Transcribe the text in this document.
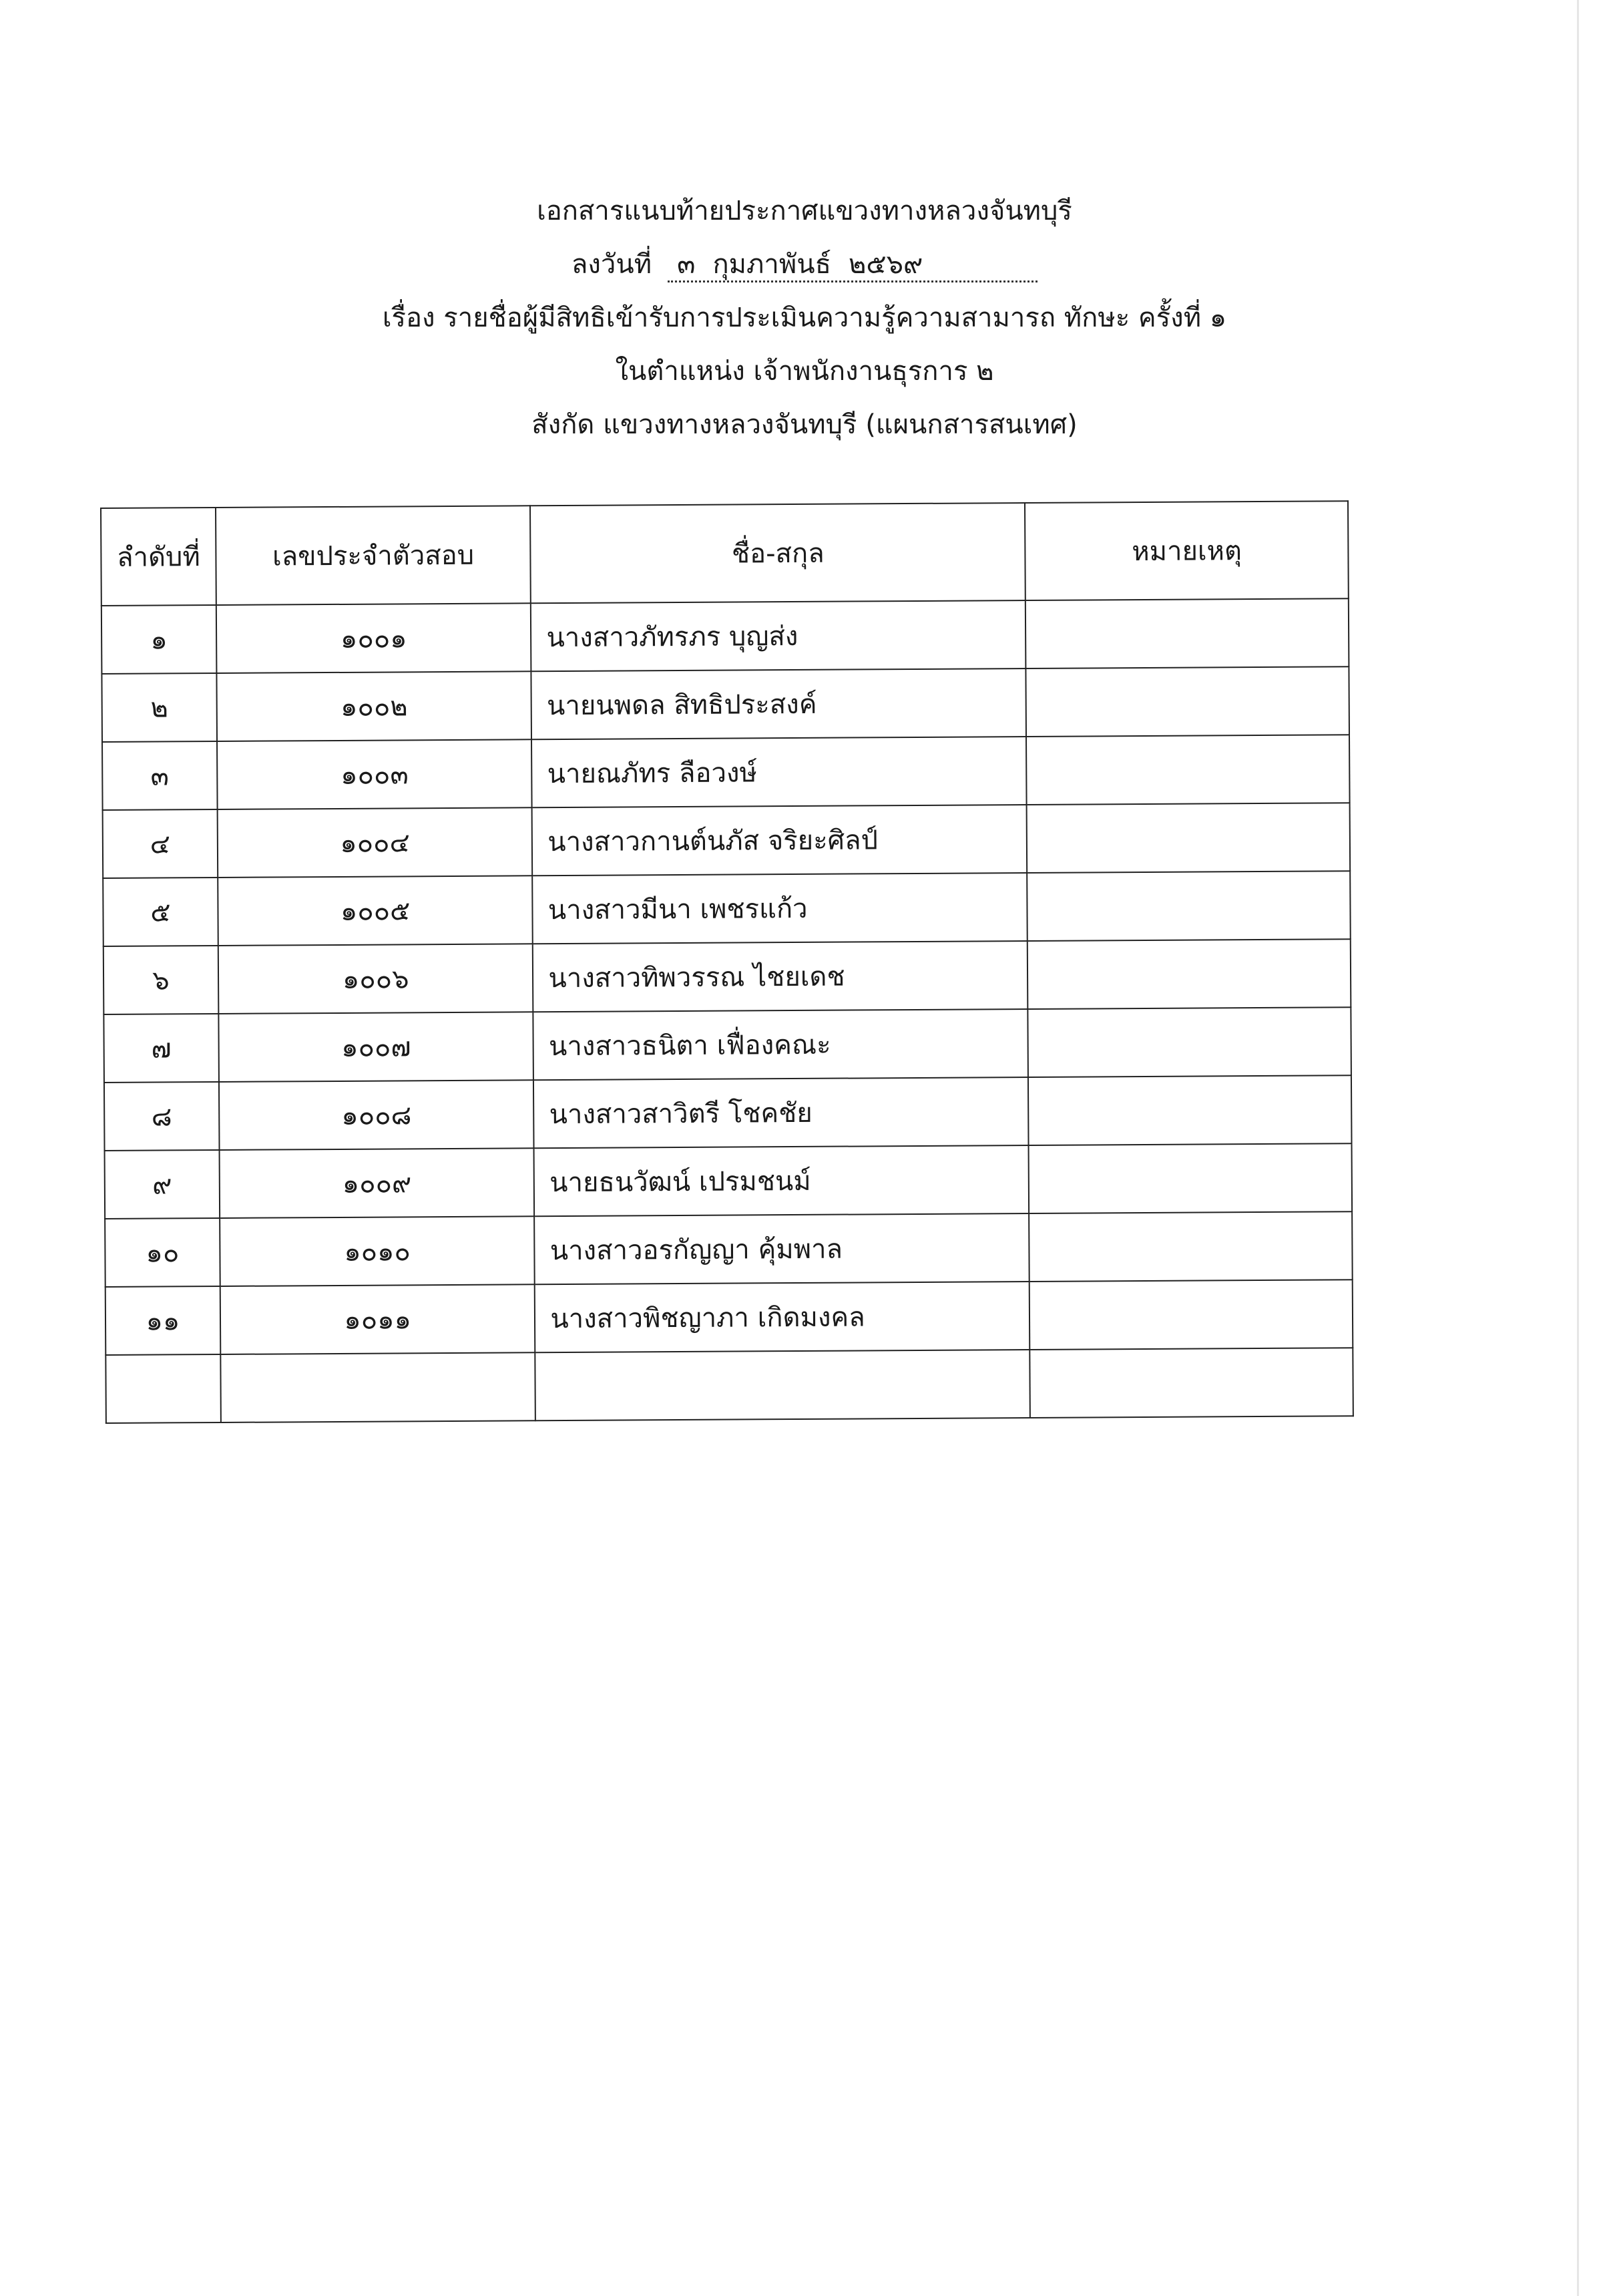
เอกสารแนบท้ายประกาศแขวงทางหลวงจันทบุรี
ลงวันที่ ๓ กุมภาพันธ์ ๒๕๖๙
เรื่อง รายชื่อผู้มีสิทธิเข้ารับการประเมินความรู้ความสามารถ ทักษะ ครั้งที่ ๑
ในตำแหน่ง เจ้าพนักงานธุรการ ๒
สังกัด แขวงทางหลวงจันทบุรี (แผนกสารสนเทศ)
ลำดับที่	เลขประจำตัวสอบ	ชื่อ-สกุล	หมายเหตุ
๑	๑๐๐๑	นางสาวภัทรภร บุญส่ง	
๒	๑๐๐๒	นายนพดล สิทธิประสงค์	
๓	๑๐๐๓	นายณภัทร ลือวงษ์	
๔	๑๐๐๔	นางสาวกานต์นภัส จริยะศิลป์	
๕	๑๐๐๕	นางสาวมีนา เพชรแก้ว	
๖	๑๐๐๖	นางสาวทิพวรรณ ไชยเดช	
๗	๑๐๐๗	นางสาวธนิตา เฟื่องคณะ	
๘	๑๐๐๘	นางสาวสาวิตรี โชคชัย	
๙	๑๐๐๙	นายธนวัฒน์ เปรมชนม์	
๑๐	๑๐๑๐	นางสาวอรกัญญา คุ้มพาล	
๑๑	๑๐๑๑	นางสาวพิชญาภา เกิดมงคล	
